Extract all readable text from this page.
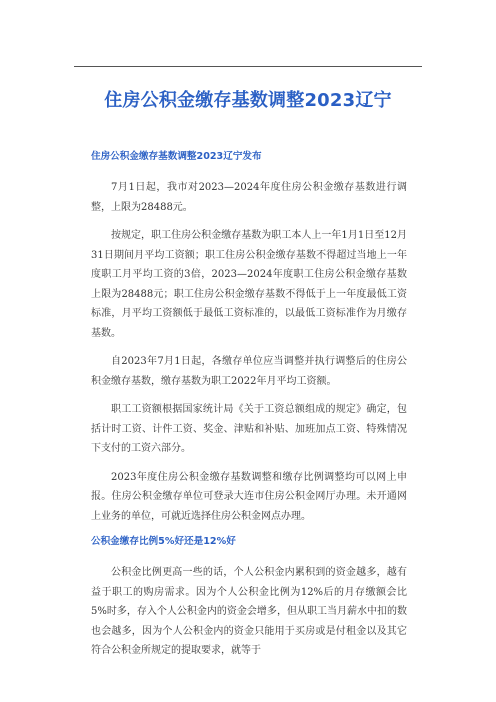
住房公积金缴存基数调整2023辽宁
住房公积金缴存基数调整2023辽宁发布

7月1日起，我市对2023—2024年度住房公积金缴存基数进行调整，上限为28488元。

按规定，职工住房公积金缴存基数为职工本人上一年1月1日至12月31日期间月平均工资额；职工住房公积金缴存基数不得超过当地上一年度职工月平均工资的3倍，2023—2024年度职工住房公积金缴存基数上限为28488元；职工住房公积金缴存基数不得低于上一年度最低工资标准，月平均工资额低于最低工资标准的，以最低工资标准作为月缴存基数。

自2023年7月1日起，各缴存单位应当调整并执行调整后的住房公积金缴存基数，缴存基数为职工2022年月平均工资额。

职工工资额根据国家统计局《关于工资总额组成的规定》确定，包括计时工资、计件工资、奖金、津贴和补贴、加班加点工资、特殊情况下支付的工资六部分。

2023年度住房公积金缴存基数调整和缴存比例调整均可以网上申报。住房公积金缴存单位可登录大连市住房公积金网厅办理。未开通网上业务的单位，可就近选择住房公积金网点办理。

公积金缴存比例5%好还是12%好

公积金比例更高一些的话，个人公积金内累积到的资金越多，越有益于职工的购房需求。因为个人公积金比例为12%后的月存缴额会比5%时多，存入个人公积金内的资金会增多，但从职工当月薪水中扣的数也会越多，因为个人公积金内的资金只能用于买房或是付租金以及其它符合公积金所规定的提取要求，就等于
